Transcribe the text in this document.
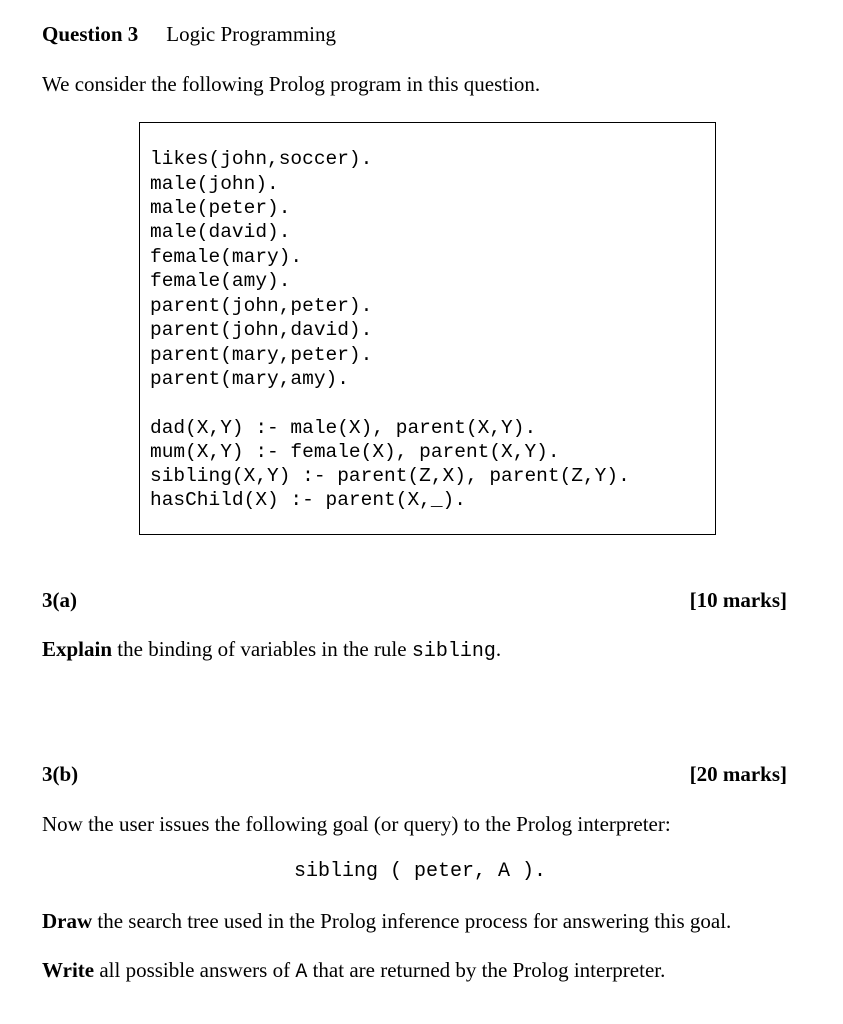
Question 3 Logic Programming
We consider the following Prolog program in this question.
likes(john,soccer).
male(john).
male(peter).
male(david).
female(mary).
female(amy).
parent(john,peter).
parent(john,david).
parent(mary,peter).
parent(mary,amy).
dad(X,Y) :- male(X), parent(X,Y).
mum(X,Y) :- female(X), parent(X,Y).
sibling(X,Y) :- parent(Z,X), parent(Z,Y).
hasChild(X) :- parent(X,_).
3(a)	[10 marks]
Explain the binding of variables in the rule sibling.
3(b)	[20 marks]
Now the user issues the following goal (or query) to the Prolog interpreter:
sibling ( peter, A ).
Draw the search tree used in the Prolog inference process for answering this goal.
Write all possible answers of A that are returned by the Prolog interpreter.
